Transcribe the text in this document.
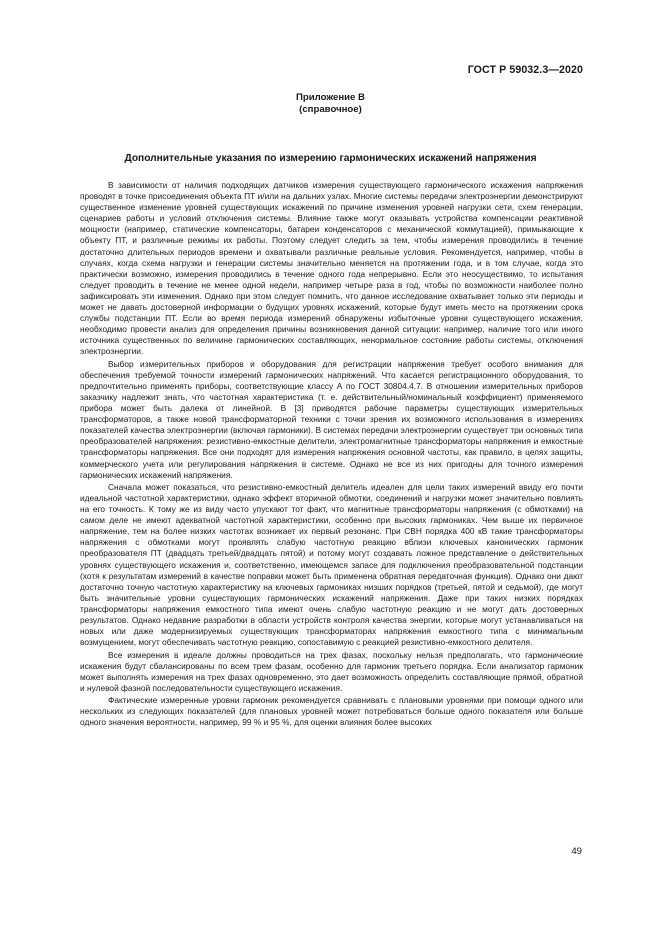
ГОСТ Р 59032.3—2020
Приложение В
(справочное)
Дополнительные указания по измерению гармонических искажений напряжения

В зависимости от наличия подходящих датчиков измерения существующего гармонического искажения напряжения проводят в точке присоединения объекта ПТ и/или на дальних узлах. Многие системы передачи электроэнергии демонстрируют существенное изменение уровней существующих искажений по причине изменения уровней нагрузки сети, схем генерации, сценариев работы и условий отключения системы. Влияние также могут оказывать устройства компенсации реактивной мощности (например, статические компенсаторы, батареи конденсаторов с механической коммутацией), примыкающие к объекту ПТ, и различные режимы их работы. Поэтому следует следить за тем, чтобы измерения проводились в течение достаточно длительных периодов времени и охватывали различные реальные условия. Рекомендуется, например, чтобы в случаях, когда схема нагрузки и генерации системы значительно меняется на протяжении года, и в том случае, когда это практически возможно, измерения проводились в течение одного года непрерывно. Если это неосуществимо, то испытания следует проводить в течение не менее одной недели, например четыре раза в год, чтобы по возможности наиболее полно зафиксировать эти изменения. Однако при этом следует помнить, что данное исследование охватывает только эти периоды и может не давать достоверной информации о будущих уровнях искажений, которые будут иметь место на протяжении срока службы подстанции ПТ. Если во время периода измерений обнаружены избыточные уровни существующего искажения, необходимо провести анализ для определения причины возникновения данной ситуации: например, наличие того или иного источника существенных по величине гармонических составляющих, ненормальное состояние работы системы, отключения электроэнергии.

Выбор измерительных приборов и оборудования для регистрации напряжения требует особого внимания для обеспечения требуемой точности измерений гармонических напряжений. Что касается регистрационного оборудования, то предпочтительно применять приборы, соответствующие классу А по ГОСТ 30804.4.7. В отношении измерительных приборов заказчику надлежит знать, что частотная характеристика (т. е. действительный/номинальный коэффициент) применяемого прибора может быть далека от линейной. В [3] приводятся рабочие параметры существующих измерительных трансформаторов, а также новой трансформаторной техники с точки зрения их возможного использования в измерениях показателей качества электроэнергии (включая гармоники). В системах передачи электроэнергии существует три основных типа преобразователей напряжения: резистивно-емкостные делители, электромагнитные трансформаторы напряжения и емкостные трансформаторы напряжения. Все они подходят для измерения напряжения основной частоты, как правило, в целях защиты, коммерческого учета или регулирования напряжения в системе. Однако не все из них пригодны для точного измерения гармонических искажений напряжения.

Сначала может показаться, что резистивно-емкостный делитель идеален для цели таких измерений ввиду его почти идеальной частотной характеристики, однако эффект вторичной обмотки, соединений и нагрузки может значительно повлиять на его точность. К тому же из виду часто упускают тот факт, что магнитные трансформаторы напряжения (с обмотками) на самом деле не имеют адекватной частотной характеристики, особенно при высоких гармониках. Чем выше их первичное напряжение, тем на более низких частотах возникает их первый резонанс. При СВН порядка 400 кВ такие трансформаторы напряжения с обмотками могут проявлять слабую частотную реакцию вблизи ключевых канонических гармоник преобразователя ПТ (двадцать третьей/двадцать пятой) и потому могут создавать ложное представление о действительных уровнях существующего искажения и, соответственно, имеющемся запасе для подключения преобразовательной подстанции (хотя к результатам измерений в качестве поправки может быть применена обратная передаточная функция). Однако они дают достаточно точную частотную характеристику на ключевых гармониках низших порядков (третьей, пятой и седьмой), где могут быть значительные уровни существующих гармонических искажений напряжения. Даже при таких низких порядках трансформаторы напряжения емкостного типа имеют очень слабую частотную реакцию и не могут дать достоверных результатов. Однако недавние разработки в области устройств контроля качества энергии, которые могут устанавливаться на новых или даже модернизируемых существующих трансформаторах напряжения емкостного типа с минимальным возмущением, могут обеспечивать частотную реакцию, сопоставимую с реакцией резистивно-емкостного делителя.

Все измерения в идеале должны проводиться на трех фазах, поскольку нельзя предполагать, что гармонические искажения будут сбалансированы по всем трем фазам, особенно для гармоник третьего порядка. Если анализатор гармоник может выполнять измерения на трех фазах одновременно, это дает возможность определить составляющие прямой, обратной и нулевой фазной последовательности существующего искажения.

Фактические измеренные уровни гармоник рекомендуется сравнивать с плановыми уровнями при помощи одного или нескольких из следующих показателей (для плановых уровней может потребоваться больше одного показателя или больше одного значения вероятности, например, 99 % и 95 %, для оценки влияния более высоких

49
